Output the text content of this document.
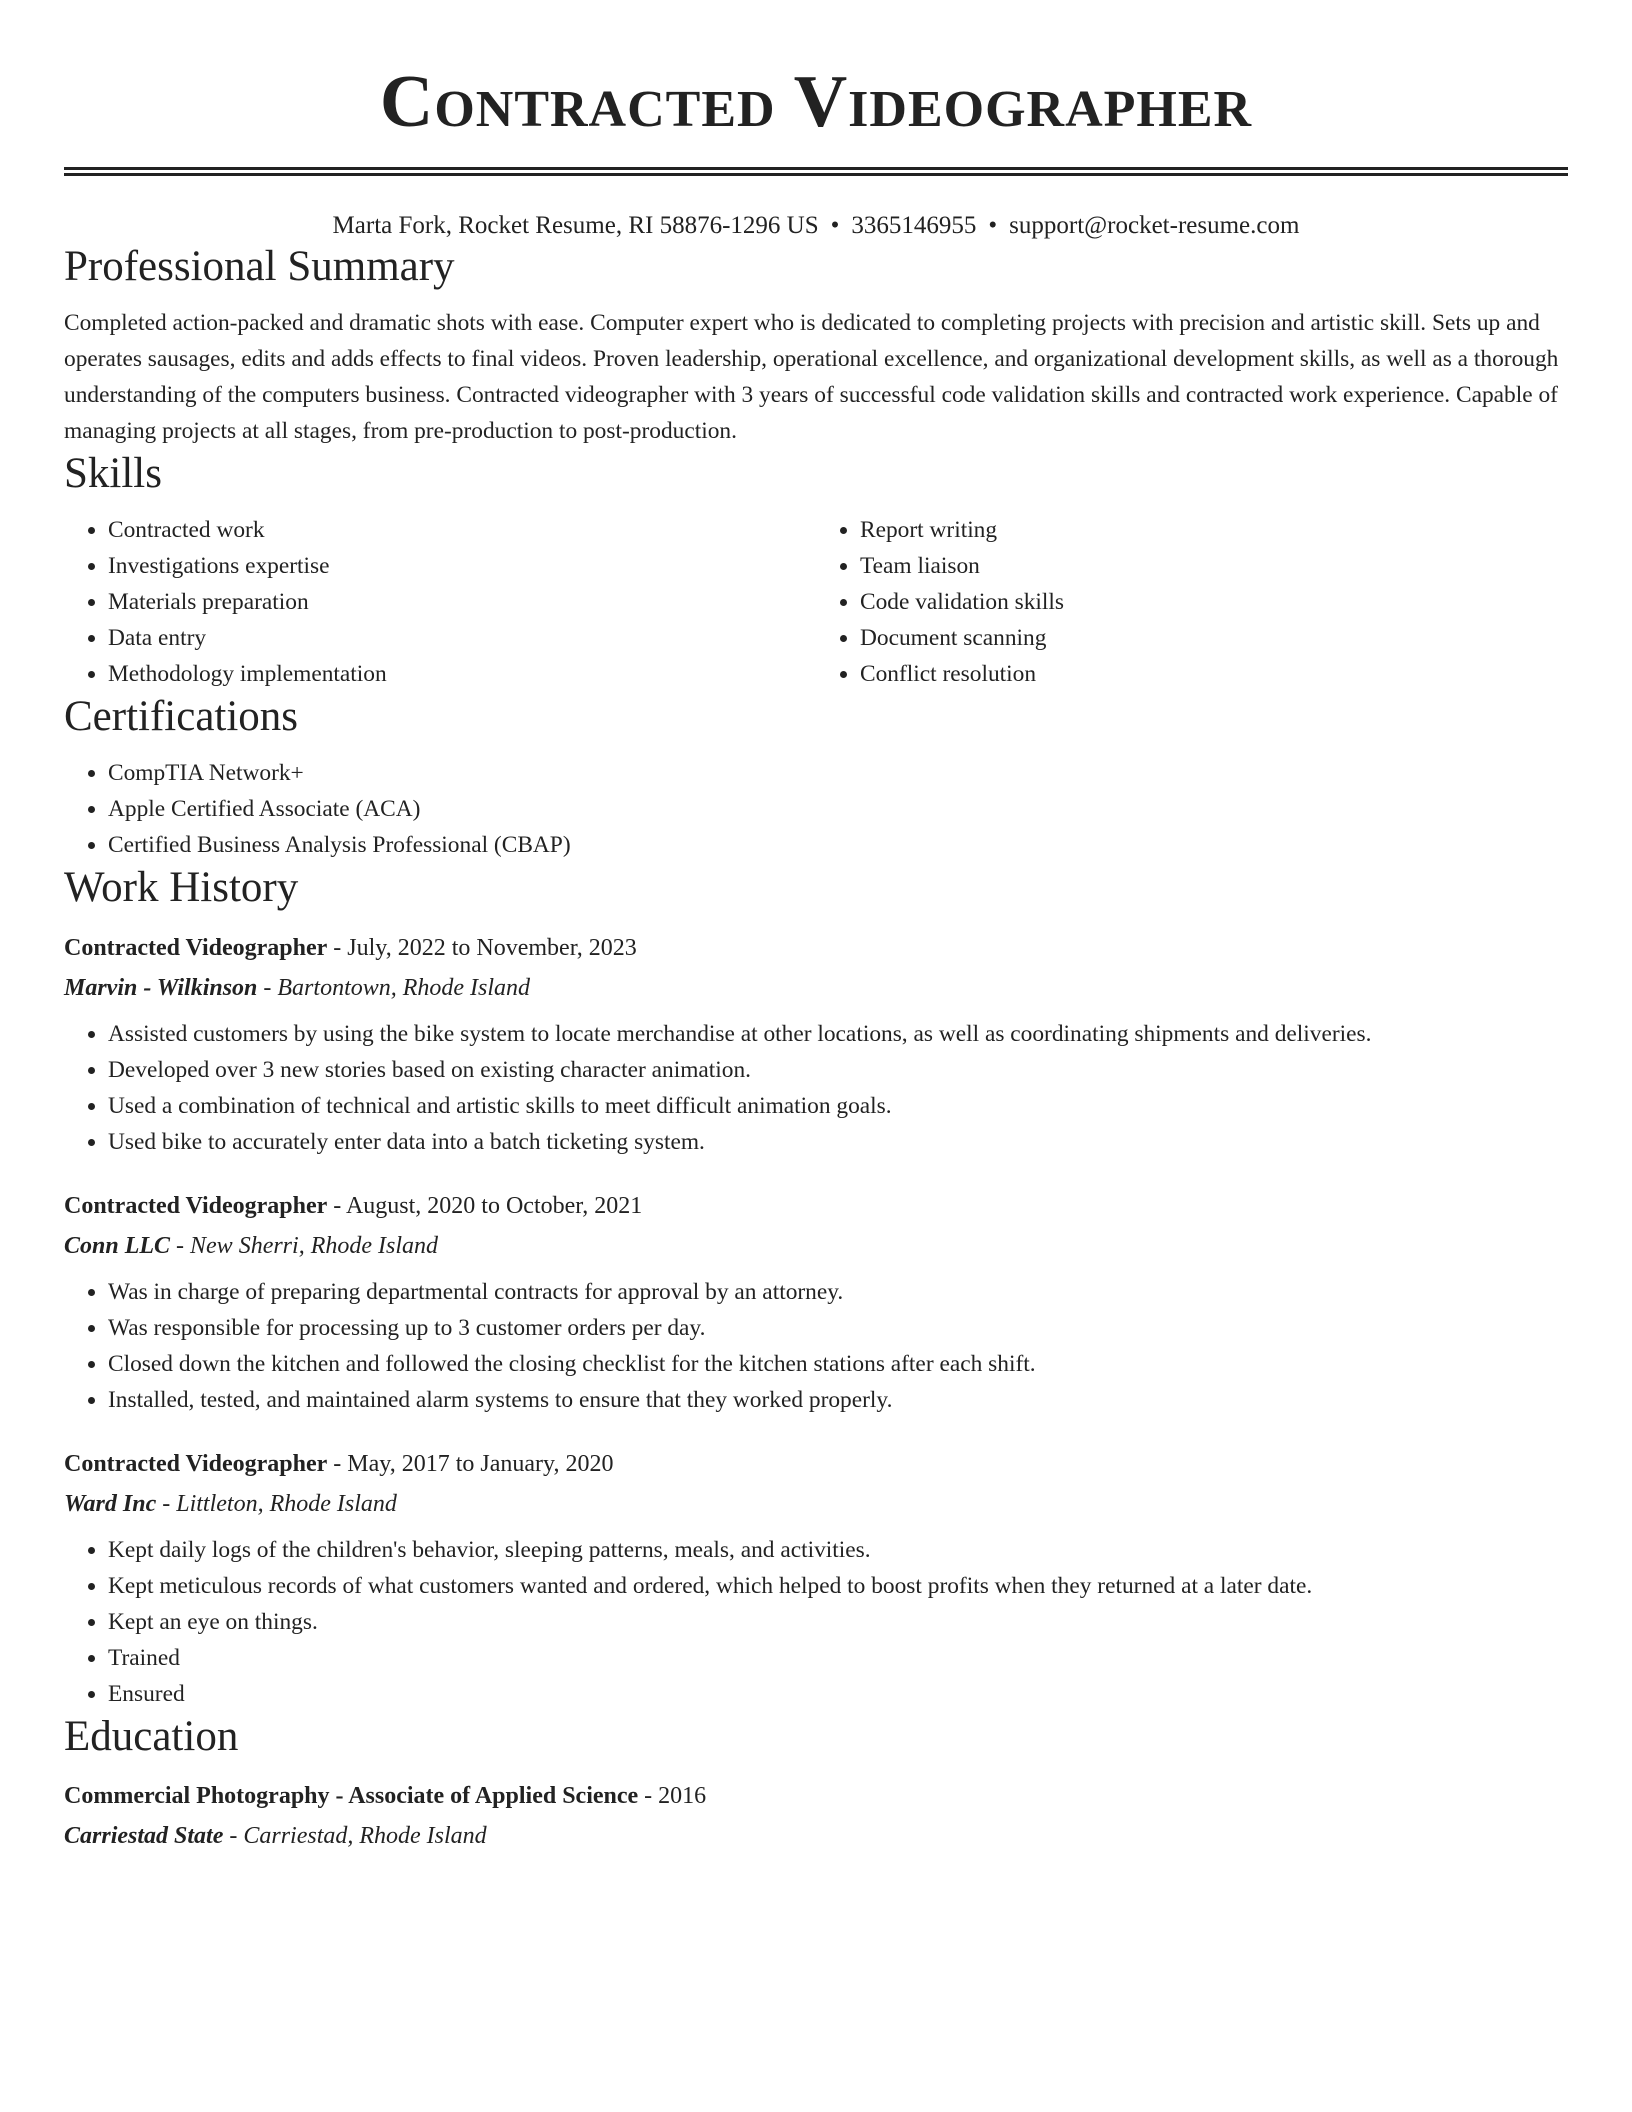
Contracted Videographer
Marta Fork, Rocket Resume, RI 58876-1296 US • 3365146955 • support@rocket-resume.com
Professional Summary

Completed action-packed and dramatic shots with ease. Computer expert who is dedicated to completing projects with precision and artistic skill. Sets up and operates sausages, edits and adds effects to final videos. Proven leadership, operational excellence, and organizational development skills, as well as a thorough understanding of the computers business. Contracted videographer with 3 years of successful code validation skills and contracted work experience. Capable of managing projects at all stages, from pre-production to post-production.

Skills
• Contracted work
• Investigations expertise
• Materials preparation
• Data entry
• Methodology implementation
• Report writing
• Team liaison
• Code validation skills
• Document scanning
• Conflict resolution
Certifications
• CompTIA Network+
• Apple Certified Associate (ACA)
• Certified Business Analysis Professional (CBAP)
Work History
Contracted Videographer - July, 2022 to November, 2023
Marvin - Wilkinson - Bartontown, Rhode Island
• Assisted customers by using the bike system to locate merchandise at other locations, as well as coordinating shipments and deliveries.
• Developed over 3 new stories based on existing character animation.
• Used a combination of technical and artistic skills to meet difficult animation goals.
• Used bike to accurately enter data into a batch ticketing system.
Contracted Videographer - August, 2020 to October, 2021
Conn LLC - New Sherri, Rhode Island
• Was in charge of preparing departmental contracts for approval by an attorney.
• Was responsible for processing up to 3 customer orders per day.
• Closed down the kitchen and followed the closing checklist for the kitchen stations after each shift.
• Installed, tested, and maintained alarm systems to ensure that they worked properly.
Contracted Videographer - May, 2017 to January, 2020
Ward Inc - Littleton, Rhode Island
• Kept daily logs of the children's behavior, sleeping patterns, meals, and activities.
• Kept meticulous records of what customers wanted and ordered, which helped to boost profits when they returned at a later date.
• Kept an eye on things.
• Trained
• Ensured
Education
Commercial Photography - Associate of Applied Science - 2016
Carriestad State - Carriestad, Rhode Island
